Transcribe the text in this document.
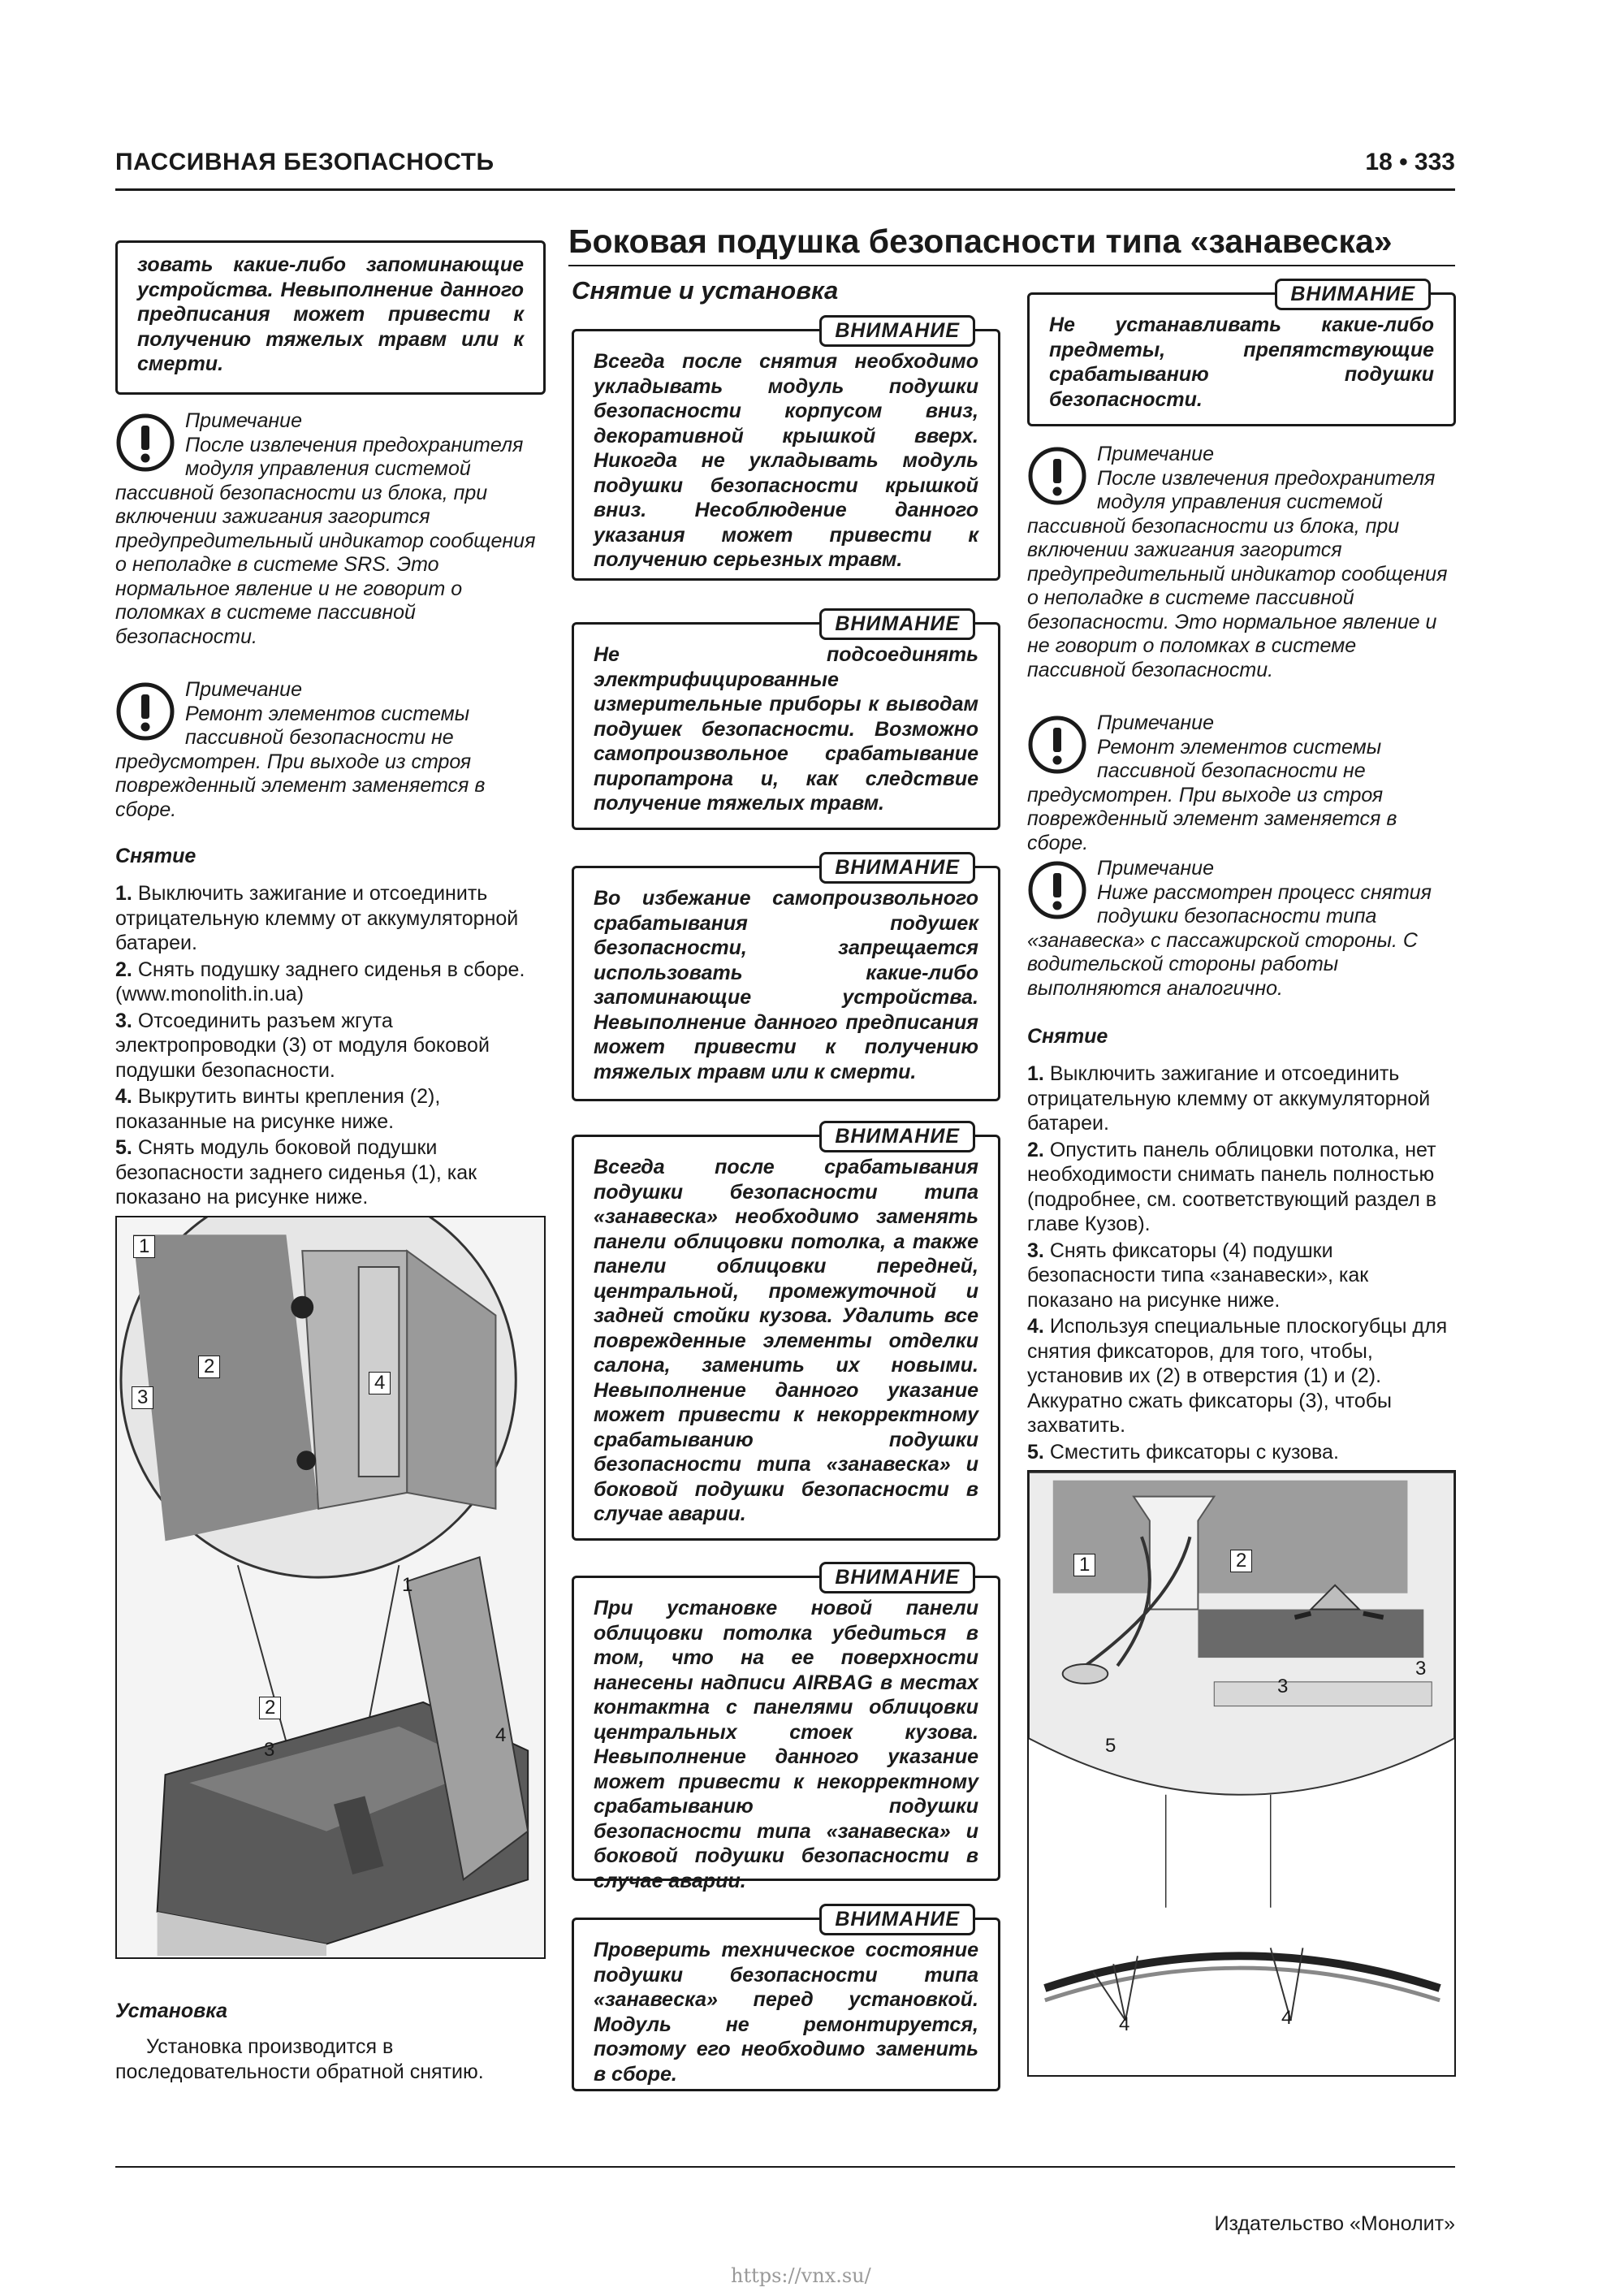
ПАССИВНАЯ БЕЗОПАСНОСТЬ	18 • 333
зовать какие-либо запоминающие устройства. Невыполнение данного предписания может привести к получению тяжелых травм или к смерти.
Примечание
После извлечения предохранителя модуля управления системой пассивной безопасности из блока, при включении зажигания загорится предупредительный индикатор сообщения о неполадке в системе SRS. Это нормальное явление и не говорит о поломках в системе пассивной безопасности.
Примечание
Ремонт элементов системы пассивной безопасности не предусмотрен. При выходе из строя поврежденный элемент заменяется в сборе.
Снятие

1. Выключить зажигание и отсоединить отрицательную клемму от аккумуляторной батареи.

2. Снять подушку заднего сиденья в сборе. (www.monolith.in.ua)

3. Отсоединить разъем жгута электропроводки (3) от модуля боковой подушки безопасности.

4. Выкрутить винты крепления (2), показанные на рисунке ниже.

5. Снять модуль боковой подушки безопасности заднего сиденья (1), как показано на рисунке ниже.

1
2
3
4
1
2
3
4
Установка
Установка производится в последовательности обратной снятию.
Боковая подушка безопасности типа «занавеска»
Снятие и установка
ВНИМАНИЕ
Всегда после снятия необходимо укладывать модуль подушки безопасности корпусом вниз, декоративной крышкой вверх. Никогда не укладывать модуль подушки безопасности крышкой вниз. Несоблюдение данного указания может привести к получению серьезных травм.
ВНИМАНИЕ
Не подсоединять электрифицированные измерительные приборы к выводам подушек безопасности. Возможно самопроизвольное срабатывание пиропатрона и, как следствие получение тяжелых травм.
ВНИМАНИЕ
Во избежание самопроизвольного срабатывания подушек безопасности, запрещается использовать какие-либо запоминающие устройства. Невыполнение данного предписания может привести к получению тяжелых травм или к смерти.
ВНИМАНИЕ
Всегда после срабатывания подушки безопасности типа «занавеска» необходимо заменять панели облицовки потолка, а также панели облицовки передней, центральной, промежуточной и задней стойки кузова. Удалить все поврежденные элементы отделки салона, заменить их новыми. Невыполнение данного указание может привести к некорректному срабатыванию подушки безопасности типа «занавеска» и боковой подушки безопасности в случае аварии.
ВНИМАНИЕ
При установке новой панели облицовки потолка убедиться в том, что на ее поверхности нанесены надписи AIRBAG в местах контактна с панелями облицовки центральных стоек кузова. Невыполнение данного указание может привести к некорректному срабатыванию подушки безопасности типа «занавеска» и боковой подушки безопасности в случае аварии.
ВНИМАНИЕ
Проверить техническое состояние подушки безопасности типа «занавеска» перед установкой. Модуль не ремонтируется, поэтому его необходимо заменить в сборе.
ВНИМАНИЕ
Не устанавливать какие-либо предметы, препятствующие срабатыванию подушки безопасности.
Примечание
После извлечения предохранителя модуля управления системой пассивной безопасности из блока, при включении зажигания загорится предупредительный индикатор сообщения о неполадке в системе пассивной безопасности. Это нормальное явление и не говорит о поломках в системе пассивной безопасности.
Примечание
Ремонт элементов системы пассивной безопасности не предусмотрен. При выходе из строя поврежденный элемент заменяется в сборе.
Примечание
Ниже рассмотрен процесс снятия подушки безопасности типа «занавеска» с пассажирской стороны. С водительской стороны работы выполняются аналогично.
Снятие

1. Выключить зажигание и отсоединить отрицательную клемму от аккумуляторной батареи.

2. Опустить панель облицовки потолка, нет необходимости снимать панель полностью (подробнее, см. соответствующий раздел в главе Кузов).

3. Снять фиксаторы (4) подушки безопасности типа «занавески», как показано на рисунке ниже.

4. Используя специальные плоскогубцы для снятия фиксаторов, для того, чтобы, установив их (2) в отверстия (1) и (2). Аккуратно сжать фиксаторы (3), чтобы захватить.

5. Сместить фиксаторы с кузова.

1	2
3
3
5
4	4
Издательство «Монолит»
https://vnx.su/
